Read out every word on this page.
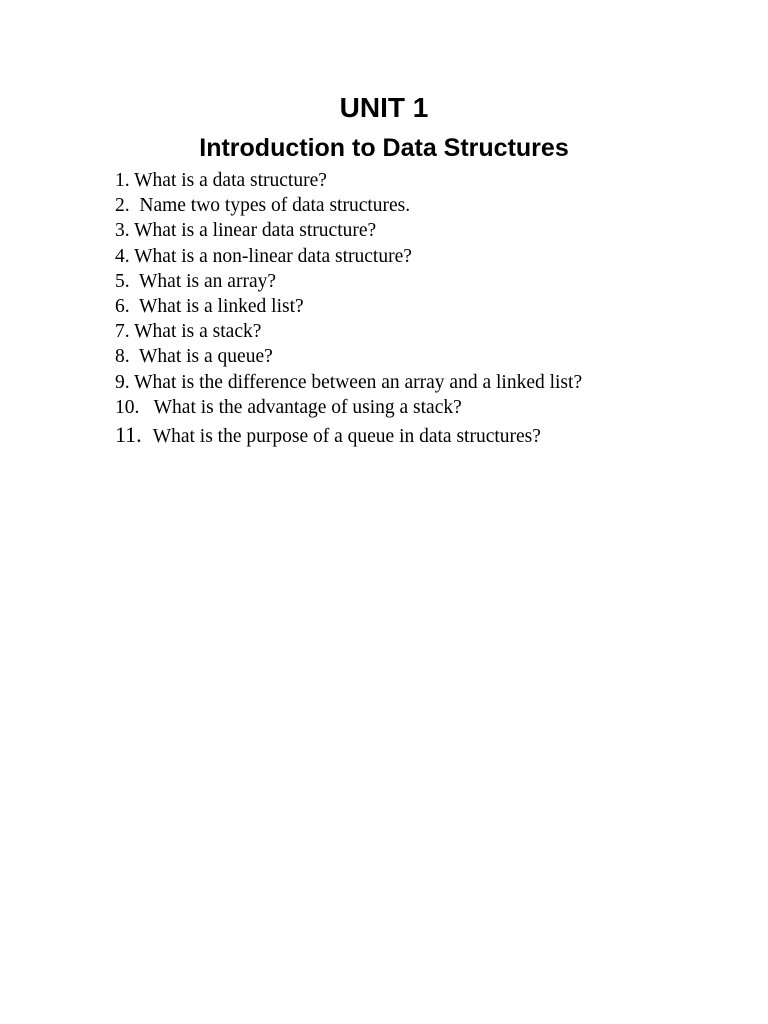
UNIT 1
Introduction to Data Structures
1. What is a data structure?
2.  Name two types of data structures.
3. What is a linear data structure?
4. What is a non-linear data structure?
5.  What is an array?
6.  What is a linked list?
7. What is a stack?
8.  What is a queue?
9. What is the difference between an array and a linked list?
10.   What is the advantage of using a stack?
11.  What is the purpose of a queue in data structures?
